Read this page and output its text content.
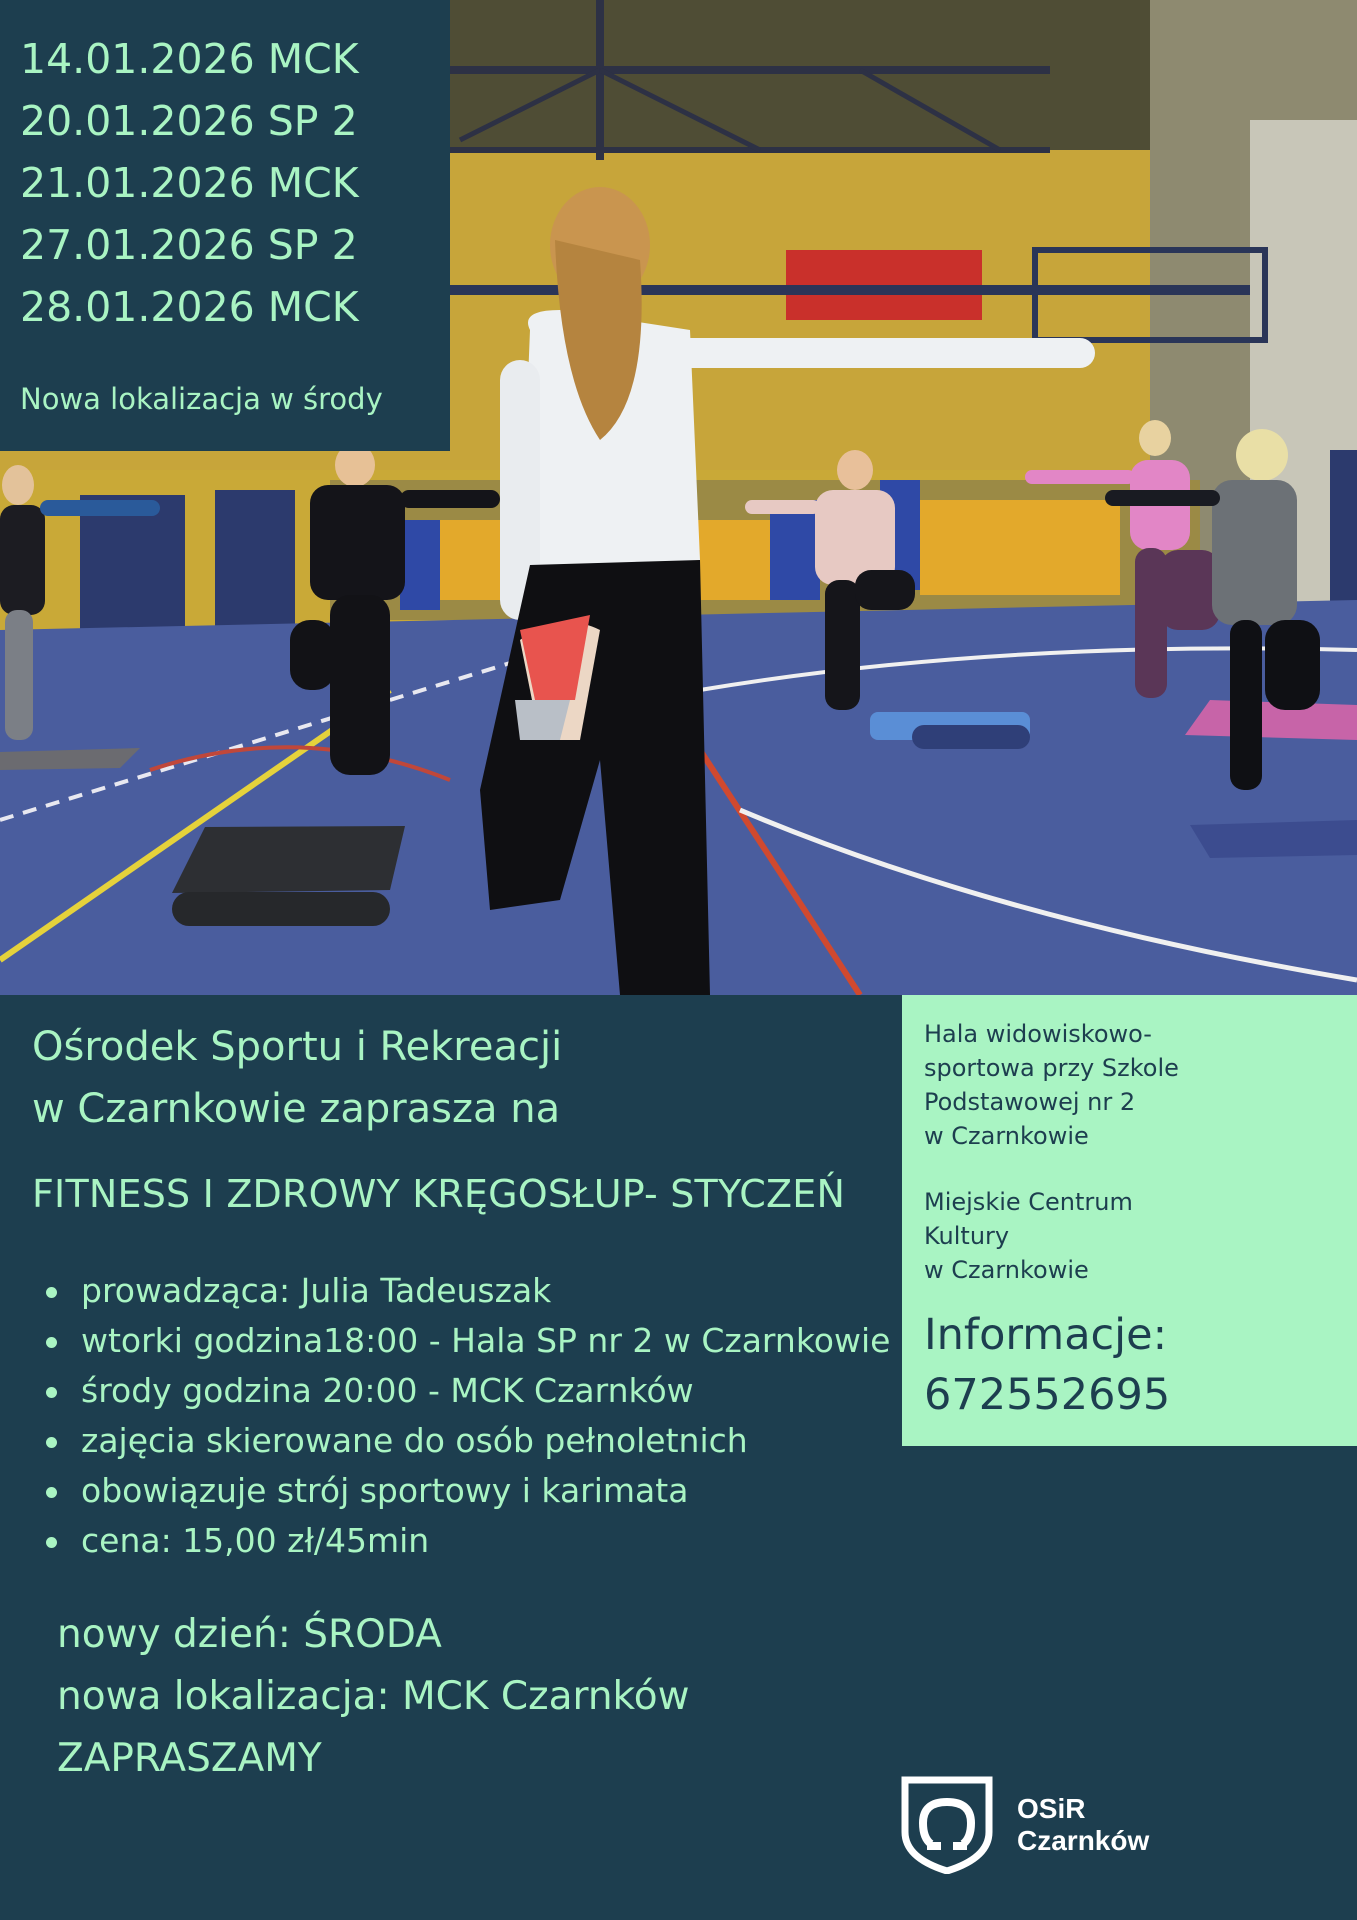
14.01.2026 MCK
20.01.2026 SP 2
21.01.2026 MCK
27.01.2026 SP 2
28.01.2026 MCK
Nowa lokalizacja w środy
Ośrodek Sportu i Rekreacji
w Czarnkowie zaprasza na
FITNESS I ZDROWY KRĘGOSŁUP- STYCZEŃ
prowadząca: Julia Tadeuszak
wtorki godzina18:00 - Hala SP nr 2 w Czarnkowie
środy godzina 20:00 - MCK Czarnków
zajęcia skierowane do osób pełnoletnich
obowiązuje strój sportowy i karimata
cena: 15,00 zł/45min
nowy dzień: ŚRODA
nowa lokalizacja: MCK Czarnków
ZAPRASZAMY
Hala widowiskowo-
sportowa przy Szkole
Podstawowej nr 2
w Czarnkowie
Miejskie Centrum
Kultury
w Czarnkowie
Informacje:
672552695
OSiR
Czarnków
